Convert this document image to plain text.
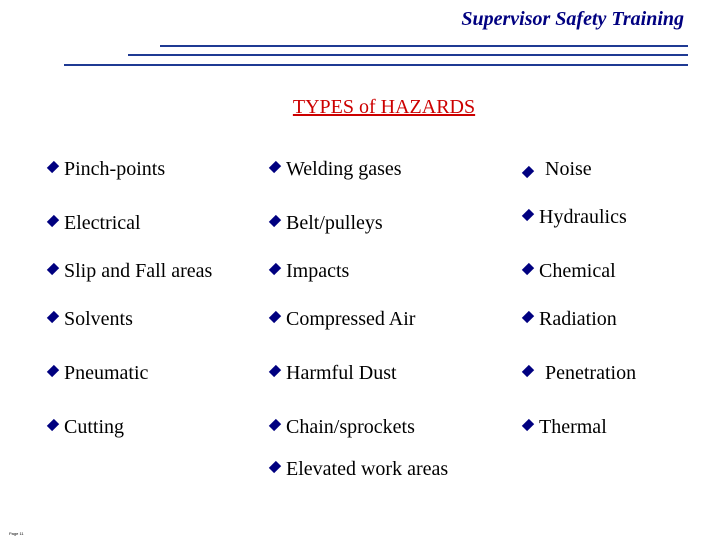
Supervisor Safety Training
TYPES of HAZARDS
Pinch-points
Electrical
Slip and Fall areas
Solvents
Pneumatic
Cutting
Welding gases
Belt/pulleys
Impacts
Compressed Air
Harmful Dust
Chain/sprockets
Elevated work areas
Noise
Hydraulics
Chemical
Radiation
Penetration
Thermal
Page 11
